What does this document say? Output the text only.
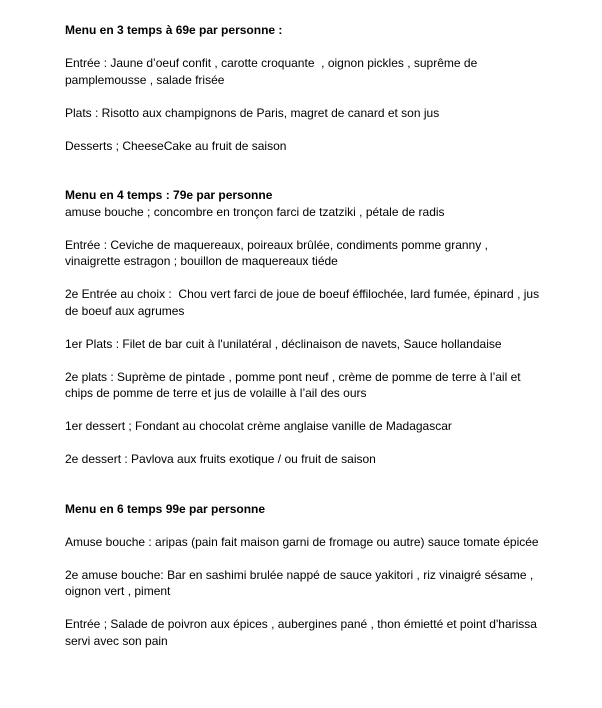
Menu en 3 temps à 69e par personne :
Entrée : Jaune d’oeuf confit , carotte croquante  , oignon pickles , suprême de pamplemousse , salade frisée
Plats : Risotto aux champignons de Paris, magret de canard et son jus
Desserts ; CheeseCake au fruit de saison
Menu en 4 temps : 79e par personne
amuse bouche ; concombre en tronçon farci de tzatziki , pétale de radis
Entrée : Ceviche de maquereaux, poireaux brûlée, condiments pomme granny , vinaigrette estragon ; bouillon de maquereaux tiéde
2e Entrée au choix :  Chou vert farci de joue de boeuf éffilochée, lard fumée, épinard , jus de boeuf aux agrumes
1er Plats : Filet de bar cuit à l'unilatéral , déclinaison de navets, Sauce hollandaise
2e plats : Suprème de pintade , pomme pont neuf , crème de pomme de terre à l’ail et chips de pomme de terre et jus de volaille à l’ail des ours
1er dessert ; Fondant au chocolat crème anglaise vanille de Madagascar
2e dessert : Pavlova aux fruits exotique / ou fruit de saison
Menu en 6 temps 99e par personne
Amuse bouche : aripas (pain fait maison garni de fromage ou autre) sauce tomate épicée
2e amuse bouche: Bar en sashimi brulée nappé de sauce yakitori , riz vinaigré sésame , oignon vert , piment
Entrée ; Salade de poivron aux épices , aubergines pané , thon émietté et point d'harissa servi avec son pain
